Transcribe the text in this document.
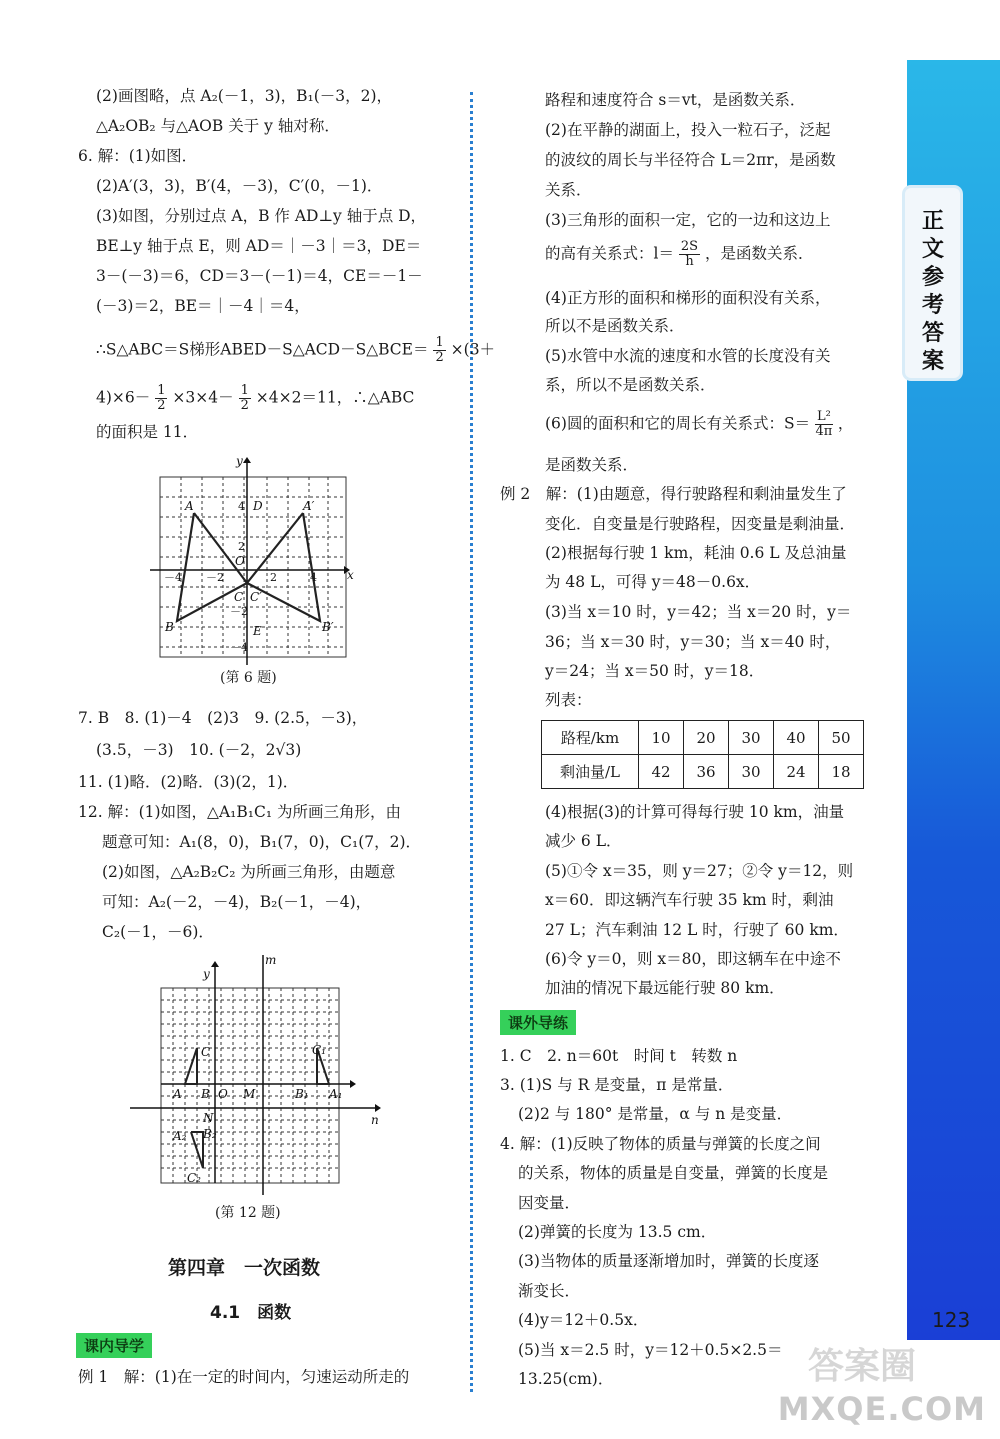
正文参考答案
(2)画图略，点 A₂(－1，3)，B₁(－3，2)，
△A₂OB₂ 与△AOB 关于 y 轴对称．
6. 解：(1)如图．
(2)A′(3，3)，B′(4，－3)，C′(0，－1)．
(3)如图，分别过点 A，B 作 AD⊥y 轴于点 D，
BE⊥y 轴于点 E，则 AD＝｜－3｜＝3，DE＝
3－(－3)＝6，CD＝3－(－1)＝4，CE＝－1－
(－3)＝2，BE＝｜－4｜＝4，
∴S△ABC＝S梯形ABED－S△ACD－S△BCE＝ $\frac{1}{2} \times(3+$
$4)\times 6- \frac{1}{2} \times 3\times 4- \frac{1}{2} \times 4\times 2=11$，∴△ABC
的面积是 11．
y
x
A	A′
D
O
B	B′
E
C C′
4
2
－2
－4
－4 －2	2	4
(第 6 题)
7. B　8. (1)－4　(2)3　9. (2.5，－3)，
(3.5，－3)　10. (－2，2√3)
11. (1)略．(2)略．(3)(2，1)．
12. 解：(1)如图，△A₁B₁C₁ 为所画三角形，由
题意可知：A₁(8，0)，B₁(7，0)，C₁(7，2)．
(2)如图，△A₂B₂C₂ 为所画三角形，由题意
可知：A₂(－2，－4)，B₂(－1，－4)，
C₂(－1，－6)．
y
m
n
C	C₁
A B O M	B₁ A₁
N
A₂ B₂
C₂
(第 12 题)
第四章　一次函数
4.1　函数
课内导学
例 1　解：(1)在一定的时间内，匀速运动所走的
路程和速度符合 s＝vt，是函数关系．
(2)在平静的湖面上，投入一粒石子，泛起
的波纹的周长与半径符合 L＝2πr，是函数
关系．
(3)三角形的面积一定，它的一边和这边上
的高有关系式：$l= \frac{2S}{h}$ ，是函数关系．
(4)正方形的面积和梯形的面积没有关系，
所以不是函数关系．
(5)水管中水流的速度和水管的长度没有关
系，所以不是函数关系．
(6)圆的面积和它的周长有关系式：$S= \frac{\text{L²}}{4\pi}$ ，
是函数关系．
例 2　解：(1)由题意，得行驶路程和剩油量发生了
变化．自变量是行驶路程，因变量是剩油量．
(2)根据每行驶 1 km，耗油 0.6 L 及总油量
为 48 L，可得 y＝48－0.6x．
(3)当 x＝10 时，y＝42；当 x＝20 时，y＝
36；当 x＝30 时，y＝30；当 x＝40 时，
y＝24；当 x＝50 时，y＝18．
列表：
路程/km	10	20	30	40	50
剩油量/L	42	36	30	24	18
(4)根据(3)的计算可得每行驶 10 km，油量
减少 6 L．
(5)①令 x＝35，则 y＝27；②令 y＝12，则
x＝60．即这辆汽车行驶 35 km 时，剩油
27 L；汽车剩油 12 L 时，行驶了 60 km．
(6)令 y＝0，则 x＝80，即这辆车在中途不
加油的情况下最远能行驶 80 km．
课外导练
1. C　2. n＝60t　时间 t　转数 n
3. (1)S 与 R 是变量，π 是常量．
(2)2 与 180° 是常量，α 与 n 是变量．
4. 解：(1)反映了物体的质量与弹簧的长度之间
的关系，物体的质量是自变量，弹簧的长度是
因变量．
(2)弹簧的长度为 13.5 cm．
(3)当物体的质量逐渐增加时，弹簧的长度逐
渐变长．
(4)y＝12＋0.5x．
(5)当 x＝2.5 时，y＝12＋0.5×2.5＝
13.25(cm)．
123
答案圈
MXQE.COM
